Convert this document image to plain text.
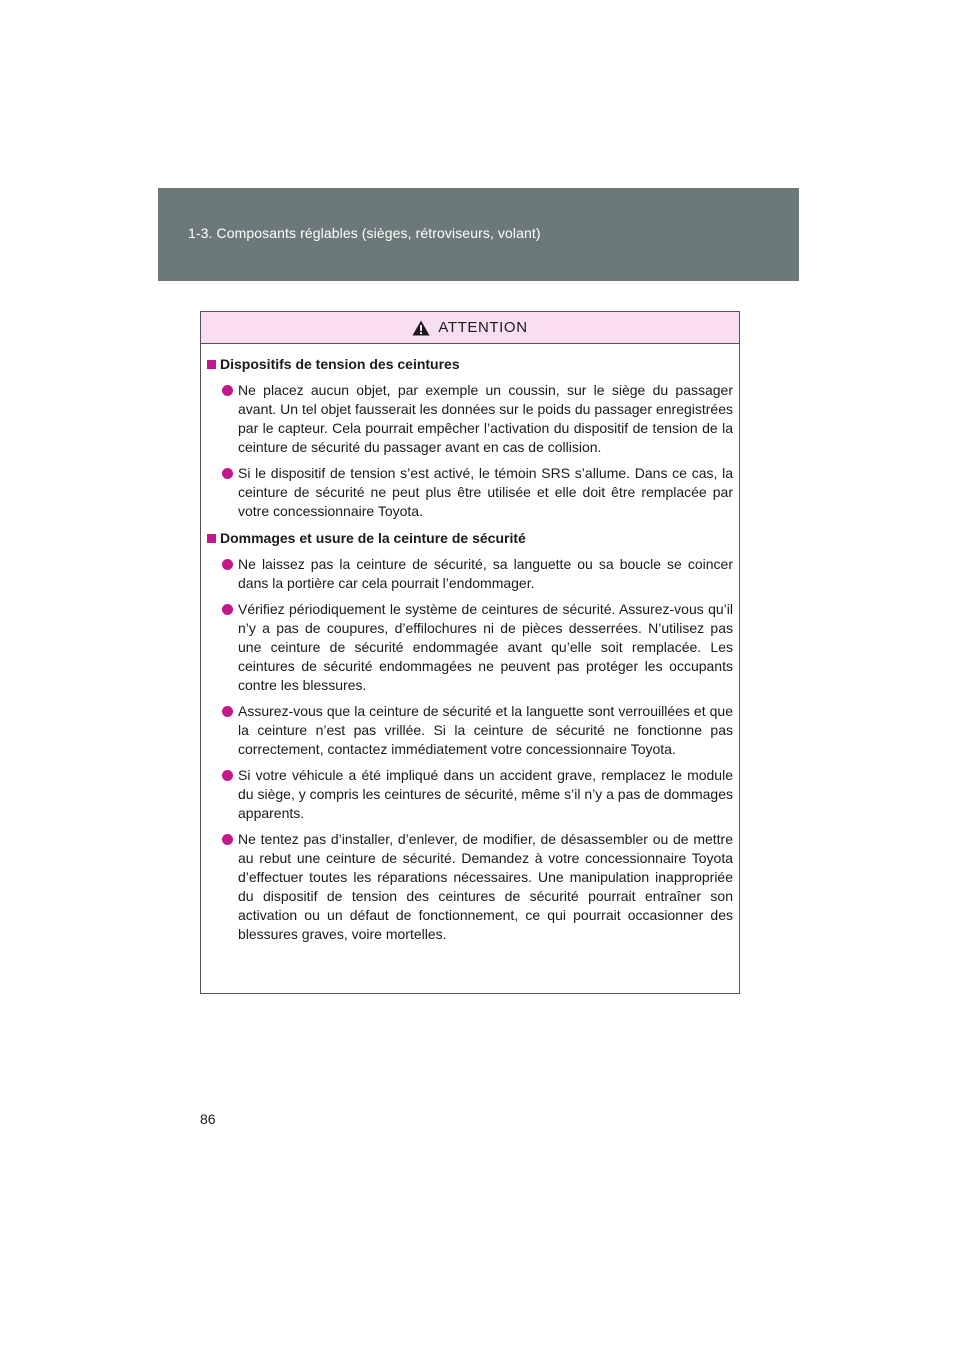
1-3. Composants réglables (sièges, rétroviseurs, volant)
ATTENTION
Dispositifs de tension des ceintures
Ne placez aucun objet, par exemple un coussin, sur le siège du passager avant. Un tel objet fausserait les données sur le poids du passager enregistrées par le capteur. Cela pourrait empêcher l’activation du dispositif de tension de la ceinture de sécurité du passager avant en cas de collision.
Si le dispositif de tension s’est activé, le témoin SRS s’allume. Dans ce cas, la ceinture de sécurité ne peut plus être utilisée et elle doit être remplacée par votre concessionnaire Toyota.
Dommages et usure de la ceinture de sécurité
Ne laissez pas la ceinture de sécurité, sa languette ou sa boucle se coincer dans la portière car cela pourrait l’endommager.
Vérifiez périodiquement le système de ceintures de sécurité. Assurez-vous qu’il n’y a pas de coupures, d’effilochures ni de pièces desserrées. N’utilisez pas une ceinture de sécurité endommagée avant qu’elle soit remplacée. Les ceintures de sécurité endommagées ne peuvent pas protéger les occupants contre les blessures.
Assurez-vous que la ceinture de sécurité et la languette sont verrouillées et que la ceinture n’est pas vrillée. Si la ceinture de sécurité ne fonctionne pas correctement, contactez immédiatement votre concessionnaire Toyota.
Si votre véhicule a été impliqué dans un accident grave, remplacez le module du siège, y compris les ceintures de sécurité, même s’il n’y a pas de dommages apparents.
Ne tentez pas d’installer, d’enlever, de modifier, de désassembler ou de mettre au rebut une ceinture de sécurité. Demandez à votre concessionnaire Toyota d’effectuer toutes les réparations nécessaires. Une manipulation inappropriée du dispositif de tension des ceintures de sécurité pourrait entraîner son activation ou un défaut de fonctionnement, ce qui pourrait occasionner des blessures graves, voire mortelles.
86
